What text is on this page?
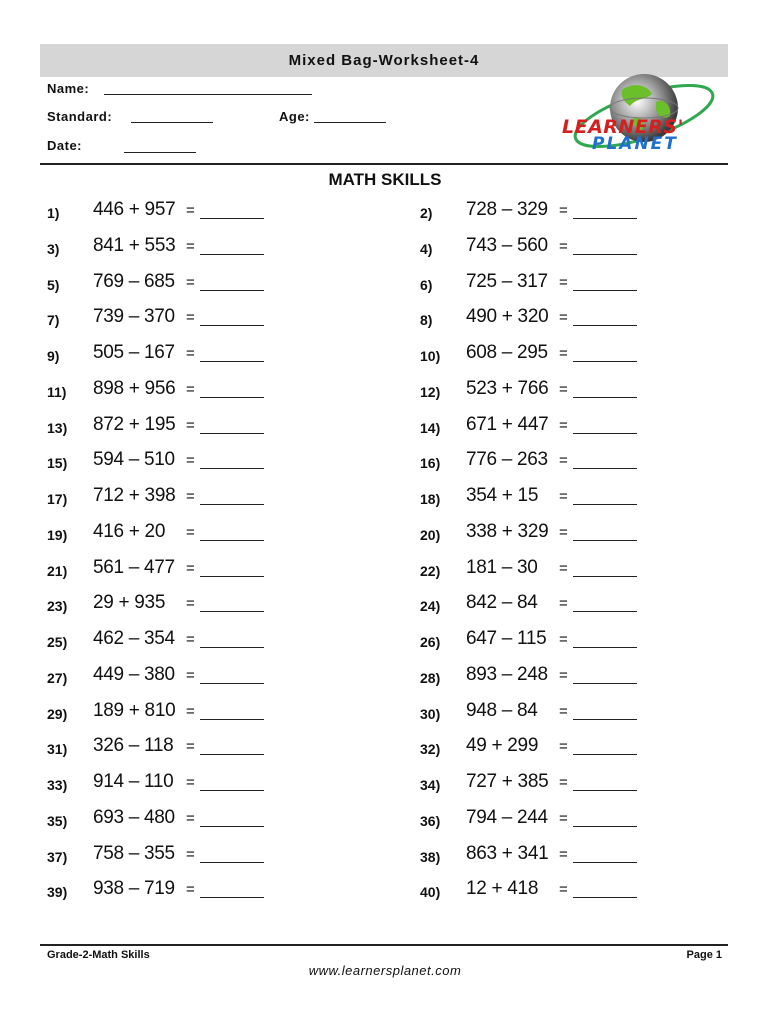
Mixed Bag-Worksheet-4
Name:
Standard:	Age:
Date:
LEARNERS'
PLANET
MATH SKILLS
1) 446 + 957 =	2) 728 – 329 =
3) 841 + 553 =	4) 743 – 560 =
5) 769 – 685 =	6) 725 – 317 =
7) 739 – 370 =	8) 490 + 320 =
9) 505 – 167 =	10) 608 – 295 =
11) 898 + 956 =	12) 523 + 766 =
13) 872 + 195 =	14) 671 + 447 =
15) 594 – 510 =	16) 776 – 263 =
17) 712 + 398 =	18) 354 + 15 =
19) 416 + 20 =	20) 338 + 329 =
21) 561 – 477 =	22) 181 – 30 =
23) 29 + 935 =	24) 842 – 84 =
25) 462 – 354 =	26) 647 – 115 =
27) 449 – 380 =	28) 893 – 248 =
29) 189 + 810 =	30) 948 – 84 =
31) 326 – 118 =	32) 49 + 299 =
33) 914 – 110 =	34) 727 + 385 =
35) 693 – 480 =	36) 794 – 244 =
37) 758 – 355 =	38) 863 + 341 =
39) 938 – 719 =	40) 12 + 418 =
Grade-2-Math Skills	Page 1
www.learnersplanet.com
